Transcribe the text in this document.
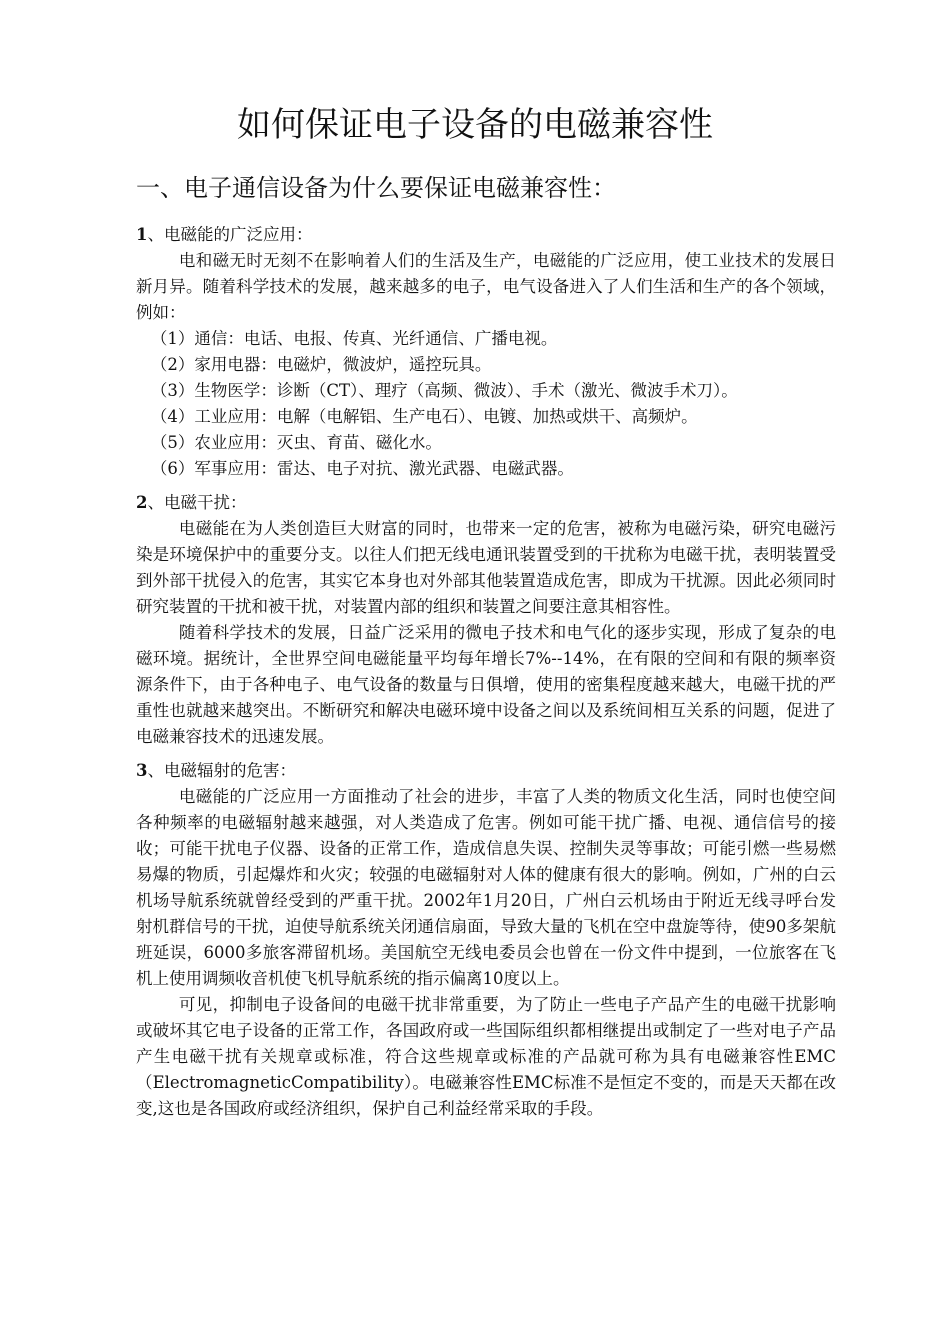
如何保证电子设备的电磁兼容性
一、电子通信设备为什么要保证电磁兼容性：

1、电磁能的广泛应用：

电和磁无时无刻不在影响着人们的生活及生产，电磁能的广泛应用，使工业技术的发展日新月异。随着科学技术的发展，越来越多的电子，电气设备进入了人们生活和生产的各个领域，例如：

（1）通信：电话、电报、传真、光纤通信、广播电视。

（2）家用电器：电磁炉，微波炉，遥控玩具。

（3）生物医学：诊断（CT）、理疗（高频、微波）、手术（激光、微波手术刀）。

（4）工业应用：电解（电解铝、生产电石）、电镀、加热或烘干、高频炉。

（5）农业应用：灭虫、育苗、磁化水。

（6）军事应用：雷达、电子对抗、激光武器、电磁武器。

2、电磁干扰：

电磁能在为人类创造巨大财富的同时，也带来一定的危害，被称为电磁污染，研究电磁污染是环境保护中的重要分支。以往人们把无线电通讯装置受到的干扰称为电磁干扰，表明装置受到外部干扰侵入的危害，其实它本身也对外部其他装置造成危害，即成为干扰源。因此必须同时研究装置的干扰和被干扰，对装置内部的组织和装置之间要注意其相容性。

随着科学技术的发展，日益广泛采用的微电子技术和电气化的逐步实现，形成了复杂的电磁环境。据统计，全世界空间电磁能量平均每年增长7%--14%，在有限的空间和有限的频率资源条件下，由于各种电子、电气设备的数量与日俱增，使用的密集程度越来越大，电磁干扰的严重性也就越来越突出。不断研究和解决电磁环境中设备之间以及系统间相互关系的问题，促进了电磁兼容技术的迅速发展。

3、电磁辐射的危害：

电磁能的广泛应用一方面推动了社会的进步，丰富了人类的物质文化生活，同时也使空间各种频率的电磁辐射越来越强，对人类造成了危害。例如可能干扰广播、电视、通信信号的接收；可能干扰电子仪器、设备的正常工作，造成信息失误、控制失灵等事故；可能引燃一些易燃易爆的物质，引起爆炸和火灾；较强的电磁辐射对人体的健康有很大的影响。例如，广州的白云机场导航系统就曾经受到的严重干扰。2002年1月20日，广州白云机场由于附近无线寻呼台发射机群信号的干扰，迫使导航系统关闭通信扇面，导致大量的飞机在空中盘旋等待，使90多架航班延误，6000多旅客滞留机场。美国航空无线电委员会也曾在一份文件中提到，一位旅客在飞机上使用调频收音机使飞机导航系统的指示偏离10度以上。

可见，抑制电子设备间的电磁干扰非常重要，为了防止一些电子产品产生的电磁干扰影响或破坏其它电子设备的正常工作，各国政府或一些国际组织都相继提出或制定了一些对电子产品产生电磁干扰有关规章或标准，符合这些规章或标准的产品就可称为具有电磁兼容性EMC（ElectromagneticCompatibility）。电磁兼容性EMC标准不是恒定不变的，而是天天都在改变,这也是各国政府或经济组织，保护自己利益经常采取的手段。
